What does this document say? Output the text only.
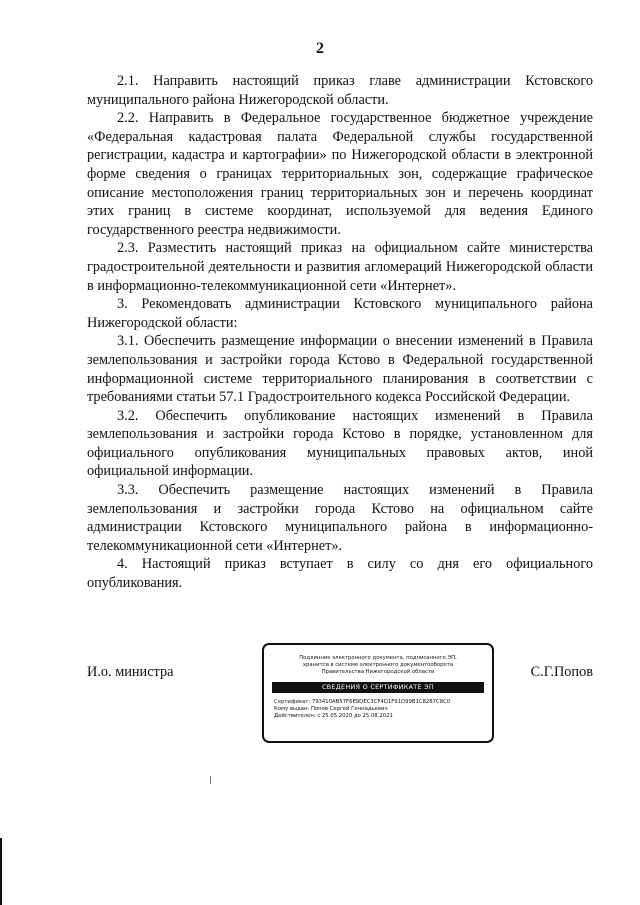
2

2.1. Направить настоящий приказ главе администрации Кстовского муниципального района Нижегородской области.

2.2. Направить в Федеральное государственное бюджетное учреждение «Федеральная кадастровая палата Федеральной службы государственной регистрации, кадастра и картографии» по Нижегородской области в электронной форме сведения о границах территориальных зон, содержащие графическое описание местоположения границ территориальных зон и перечень координат этих границ в системе координат, используемой для ведения Единого государственного реестра недвижимости.

2.3. Разместить настоящий приказ на официальном сайте министерства градостроительной деятельности и развития агломераций Нижегородской области в информационно-телекоммуникационной сети «Интернет».

3. Рекомендовать администрации Кстовского муниципального района Нижегородской области:

3.1. Обеспечить размещение информации о внесении изменений в Правила землепользования и застройки города Кстово в Федеральной государственной информационной системе территориального планирования в соответствии с требованиями статьи 57.1 Градостроительного кодекса Российской Федерации.

3.2. Обеспечить опубликование настоящих изменений в Правила землепользования и застройки города Кстово в порядке, установленном для официального опубликования муниципальных правовых актов, иной официальной информации.

3.3. Обеспечить размещение настоящих изменений в Правила землепользования и застройки города Кстово на официальном сайте администрации Кстовского муниципального района в информационно-телекоммуникационной сети «Интернет».

4. Настоящий приказ вступает в силу со дня его официального опубликования.

И.о. министра	С.Г.Попов
Подлинник электронного документа, подписанного ЭП,
хранится в системе электронного документооборота
Правительства Нижегородской области
СВЕДЕНИЯ О СЕРТИФИКАТЕ ЭП
Сертификат: 793410AB57F6E9DEC3CF4D1F91D99B1C8287C8C0
Кому выдан: Попов Сергей Геннадьевич
Действителен: с 25.05.2020 до 25.08.2021
